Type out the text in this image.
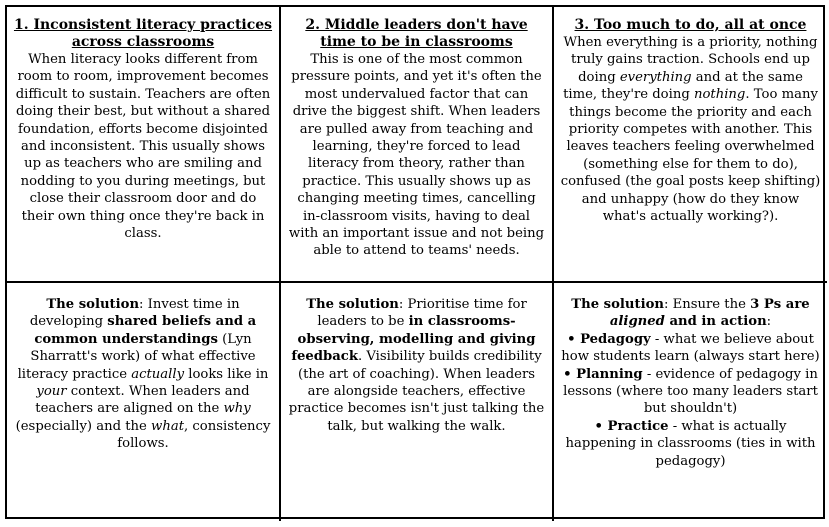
1. Inconsistent literacy practices across classrooms
When literacy looks different from room to room, improvement becomes difficult to sustain. Teachers are often doing their best, but without a shared foundation, efforts become disjointed and inconsistent. This usually shows up as teachers who are smiling and nodding to you during meetings, but close their classroom door and do their own thing once they're back in class.
2. Middle leaders don't have time to be in classrooms
This is one of the most common pressure points, and yet it's often the most undervalued factor that can drive the biggest shift. When leaders are pulled away from teaching and learning, they're forced to lead literacy from theory, rather than practice. This usually shows up as changing meeting times, cancelling in-classroom visits, having to deal with an important issue and not being able to attend to teams' needs.
3. Too much to do, all at once
When everything is a priority, nothing truly gains traction. Schools end up doing everything and at the same time, they're doing nothing. Too many things become the priority and each priority competes with another. This leaves teachers feeling overwhelmed (something else for them to do), confused (the goal posts keep shifting) and unhappy (how do they know what's actually working?).
The solution: Invest time in developing shared beliefs and a common understandings (Lyn Sharratt's work) of what effective literacy practice actually looks like in your context. When leaders and teachers are aligned on the why (especially) and the what, consistency follows.
The solution: Prioritise time for leaders to be in classrooms-observing, modelling and giving feedback. Visibility builds credibility (the art of coaching). When leaders are alongside teachers, effective practice becomes isn't just talking the talk, but walking the walk.
The solution: Ensure the 3 Ps are aligned and in action:
• Pedagogy - what we believe about how students learn (always start here)
• Planning - evidence of pedagogy in lessons (where too many leaders start but shouldn't)
• Practice - what is actually happening in classrooms (ties in with pedagogy)
